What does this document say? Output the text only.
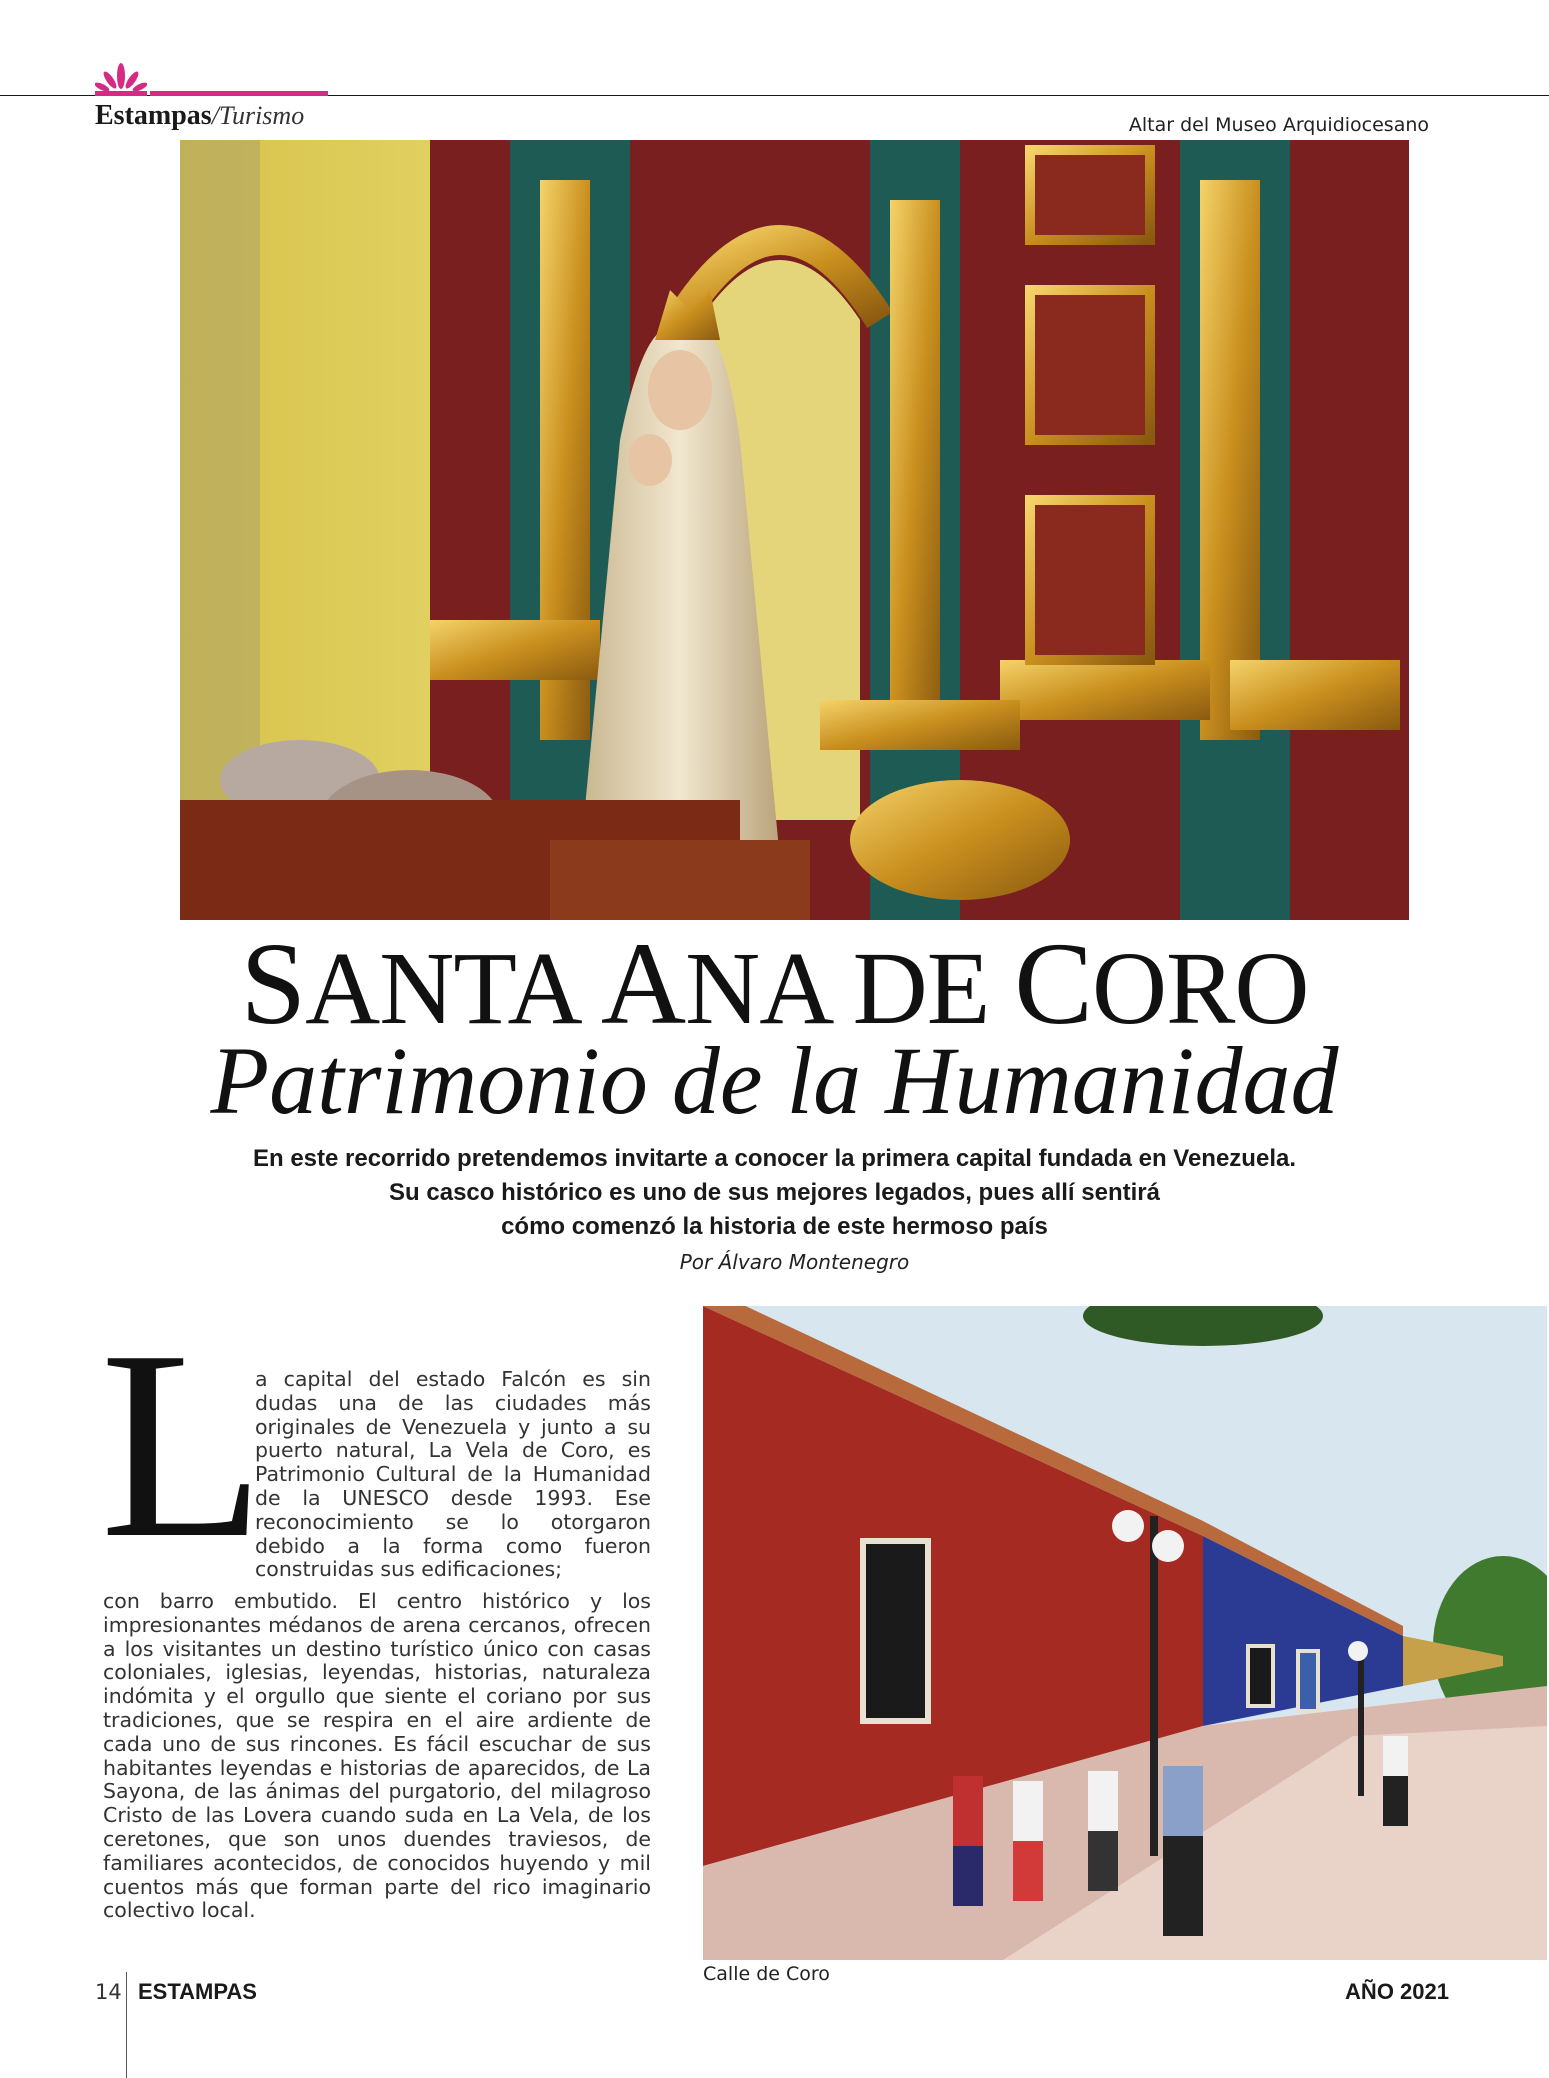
Estampas/Turismo	Altar del Museo Arquidiocesano
SANTA ANA DE CORO
Patrimonio de la Humanidad
En este recorrido pretendemos invitarte a conocer la primera capital fundada en Venezuela.
Su casco histórico es uno de sus mejores legados, pues allí sentirá
cómo comenzó la historia de este hermoso país
Por Álvaro Montenegro
L
a capital del estado Falcón es sin dudas una de las ciudades más originales de Venezuela y junto a su puerto natural, La Vela de Coro, es Patrimonio Cultural de la Humanidad de la UNESCO desde 1993. Ese reconocimiento se lo otorgaron debido a la forma como fueron construidas sus edificaciones;
con barro embutido. El centro histórico y los impresionantes médanos de arena cercanos, ofrecen a los visitantes un destino turístico único con casas coloniales, iglesias, leyendas, historias, naturaleza indómita y el orgullo que siente el coriano por sus tradiciones, que se respira en el aire ardiente de cada uno de sus rincones. Es fácil escuchar de sus habitantes leyendas e historias de aparecidos, de La Sayona, de las ánimas del purgatorio, del milagroso Cristo de las Lovera cuando suda en La Vela, de los ceretones, que son unos duendes traviesos, de familiares acontecidos, de conocidos huyendo y mil cuentos más que forman parte del rico imaginario colectivo local.
Calle de Coro
14 ESTAMPAS	AÑO 2021
